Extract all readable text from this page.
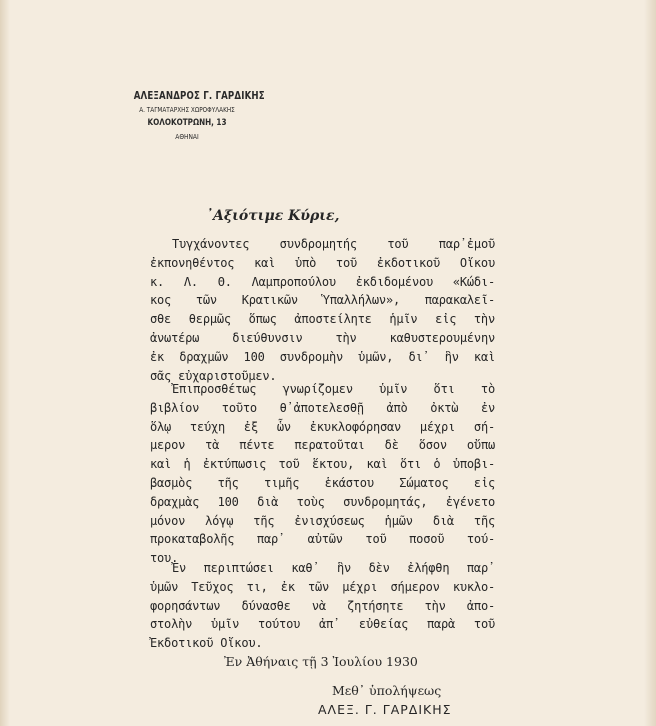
ΑΛΕΞΑΝΔΡΟΣ Γ. ΓΑΡΔΙΚΗΣ
Α. ΤΑΓΜΑΤΑΡΧΗΣ ΧΩΡΟΦΥΛΑΚΗΣ
ΚΟΛΟΚΟΤΡΩΝΗ, 13
ΑΘΗΝΑΙ
᾿Αξιότιμε Κύριε,
Τυγχάνοντες συνδρομητής τοῦ παρ᾿ἐμοῦ
ἐκπονηθέντος καὶ ὑπὸ τοῦ ἐκδοτικοῦ Οἴκου
κ. Λ. Θ. Λαμπροπούλου ἐκδιδομένου «Κώδι-
κος τῶν Κρατικῶν Ὑπαλλήλων», παρακαλεῖ-
σθε θερμῶς ὅπως ἀποστείλητε ἡμῖν εἰς τὴν
ἀνωτέρω διεύθυνσιν τὴν καθυστερουμένην
ἐκ δραχμῶν 100 συνδρομὴν ὑμῶν, δι᾿ ἣν καὶ
σᾶς εὐχαριστοῦμεν.
Ἐπιπροσθέτως γνωρίζομεν ὑμῖν ὅτι τὸ
βιβλίον τοῦτο θ᾿ἀποτελεσθῇ ἀπὸ ὀκτὼ ἐν
ὅλῳ τεύχη ἐξ ὧν ἐκυκλοφόρησαν μέχρι σή-
μερον τὰ πέντε περατοῦται δὲ ὅσον οὔπω
καὶ ἡ ἐκτύπωσις τοῦ ἕκτου, καὶ ὅτι ὁ ὑποβι-
βασμὸς τῆς τιμῆς ἑκάστου Σώματος εἰς
δραχμὰς 100 διὰ τοὺς συνδρομητάς, ἐγένετο
μόνον λόγῳ τῆς ἐνισχύσεως ἡμῶν διὰ τῆς
προκαταβολῆς παρ᾿ αὐτῶν τοῦ ποσοῦ τού-
του.
Ἐν περιπτώσει καθ᾿ ἣν δὲν ἐλήφθη παρ᾿
ὑμῶν Τεῦχος τι, ἐκ τῶν μέχρι σήμερον κυκλο-
φορησάντων δύνασθε νὰ ζητήσητε τὴν ἀπο-
στολὴν ὑμῖν τούτου ἀπ᾿ εὐθείας παρὰ τοῦ
Ἐκδοτικοῦ Οἴκου.
Ἐν Ἀθήναις τῇ 3 Ἰουλίου 1930
Μεθ᾿ ὑπολήψεως
ΑΛΕΞ. Γ. ΓΑΡΔΙΚΗΣ
